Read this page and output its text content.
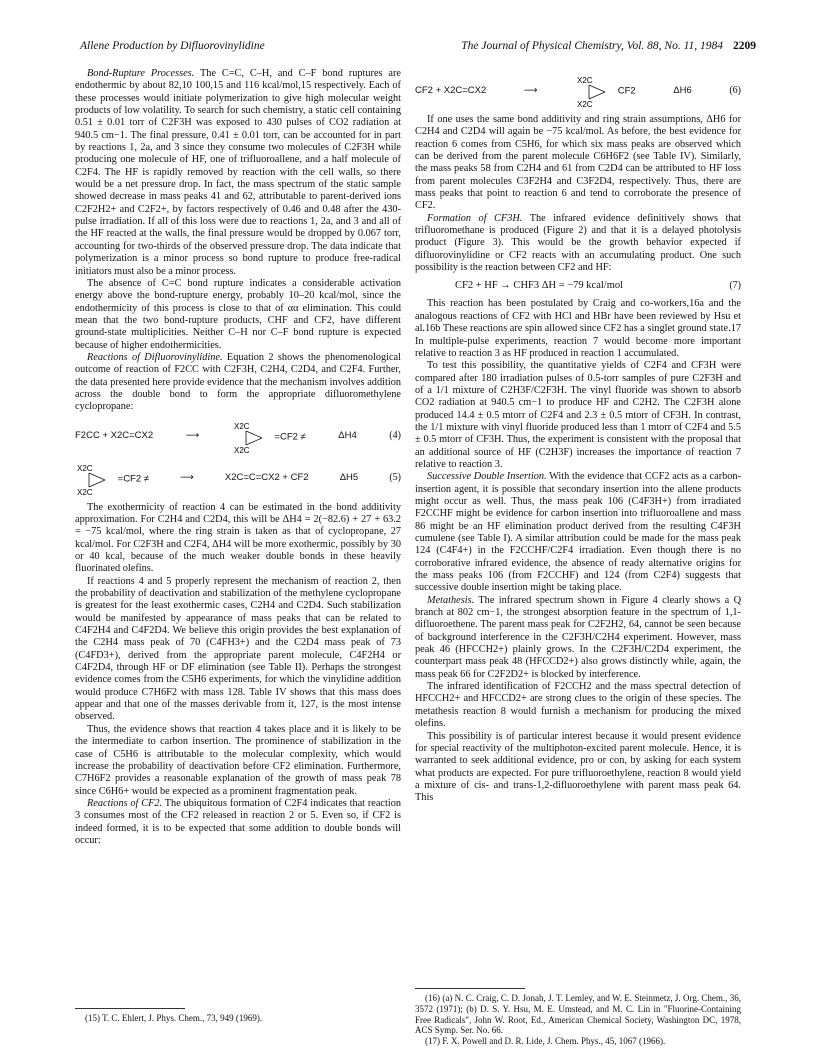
Allene Production by Difluorovinylidine	The Journal of Physical Chemistry, Vol. 88, No. 11, 1984 2209

Bond-Rupture Processes. The C=C, C–H, and C–F bond ruptures are endothermic by about 82,10 100,15 and 116 kcal/mol,15 respectively. Each of these processes would initiate polymerization to give high molecular weight products of low volatility. To search for such chemistry, a static cell containing 0.51 ± 0.01 torr of C2F3H was exposed to 430 pulses of CO2 radiation at 940.5 cm−1. The final pressure, 0.41 ± 0.01 torr, can be accounted for in part by reactions 1, 2a, and 3 since they consume two molecules of C2F3H while producing one molecule of HF, one of trifluoroallene, and a half molecule of C2F4. The HF is rapidly removed by reaction with the cell walls, so there would be a net pressure drop. In fact, the mass spectrum of the static sample showed decrease in mass peaks 41 and 62, attributable to parent-derived ions C2F2H2+ and C2F2+, by factors respectively of 0.46 and 0.48 after the 430-pulse irradiation. If all of this loss were due to reactions 1, 2a, and 3 and all of the HF reacted at the walls, the final pressure would be dropped by 0.067 torr, accounting for two-thirds of the observed pressure drop. The data indicate that polymerization is a minor process so bond rupture to produce free-radical initiators must also be a minor process.

The absence of C=C bond rupture indicates a considerable activation energy above the bond-rupture energy, probably 10–20 kcal/mol, since the endothermicity of this process is close to that of αα elimination. This could mean that the two bond-rupture products, CHF and CF2, have different ground-state multiplicities. Neither C–H nor C–F bond rupture is expected because of higher endothermicities.

Reactions of Difluorovinylidine. Equation 2 shows the phenomenological outcome of reaction of F2CC with C2F3H, C2H4, C2D4, and C2F4. Further, the data presented here provide evidence that the mechanism involves addition across the double bond to form the appropriate difluoromethylene cyclopropane:

F2CC + X2C=CX2	⟶
X2C
X2C
=CF2 ≠	ΔH4	(4)
X2C
X2C
=CF2 ≠	⟶	X2C=C=CX2 + CF2	ΔH5	(5)

The exothermicity of reaction 4 can be estimated in the bond additivity approximation. For C2H4 and C2D4, this will be ΔH4 = 2(−82.6) + 27 + 63.2 = −75 kcal/mol, where the ring strain is taken as that of cyclopropane, 27 kcal/mol. For C2F3H and C2F4, ΔH4 will be more exothermic, possibly by 30 or 40 kcal, because of the much weaker double bonds in these heavily fluorinated olefins.

If reactions 4 and 5 properly represent the mechanism of reaction 2, then the probability of deactivation and stabilization of the methylene cyclopropane is greatest for the least exothermic cases, C2H4 and C2D4. Such stabilization would be manifested by appearance of mass peaks that can be related to C4F2H4 and C4F2D4. We believe this origin provides the best explanation of the C2H4 mass peak of 70 (C4FH3+) and the C2D4 mass peak of 73 (C4FD3+), derived from the appropriate parent molecule, C4F2H4 or C4F2D4, through HF or DF elimination (see Table II). Perhaps the strongest evidence comes from the C5H6 experiments, for which the vinylidine addition would produce C7H6F2 with mass 128. Table IV shows that this mass does appear and that one of the masses derivable from it, 127, is the most intense observed.

Thus, the evidence shows that reaction 4 takes place and it is likely to be the intermediate to carbon insertion. The prominence of stabilization in the case of C5H6 is attributable to the molecular complexity, which would increase the probability of deactivation before CF2 elimination. Furthermore, C7H6F2 provides a reasonable explanation of the growth of mass peak 78 since C6H6+ would be expected as a prominent fragmentation peak.

Reactions of CF2. The ubiquitous formation of C2F4 indicates that reaction 3 consumes most of the CF2 released in reaction 2 or 5. Even so, if CF2 is indeed formed, it is to be expected that some addition to double bonds will occur:

(15) T. C. Ehlert, J. Phys. Chem., 73, 949 (1969).

CF2 + X2C=CX2	⟶
X2C
X2C
CF2	ΔH6	(6)

If one uses the same bond additivity and ring strain assumptions, ΔH6 for C2H4 and C2D4 will again be −75 kcal/mol. As before, the best evidence for reaction 6 comes from C5H6, for which six mass peaks are observed which can be derived from the parent molecule C6H6F2 (see Table IV). Similarly, the mass peaks 58 from C2H4 and 61 from C2D4 can be attributed to HF loss from parent molecules C3F2H4 and C3F2D4, respectively. Thus, there are mass peaks that point to reaction 6 and tend to corroborate the presence of CF2.

Formation of CF3H. The infrared evidence definitively shows that trifluoromethane is produced (Figure 2) and that it is a delayed photolysis product (Figure 3). This would be the growth behavior expected if difluorovinylidine or CF2 reacts with an accumulating product. One such possibility is the reaction between CF2 and HF:

CF2 + HF → CHF3 ΔH = −79 kcal/mol	(7)

This reaction has been postulated by Craig and co-workers,16a and the analogous reactions of CF2 with HCl and HBr have been reviewed by Hsu et al.16b These reactions are spin allowed since CF2 has a singlet ground state.17 In multiple-pulse experiments, reaction 7 would become more important relative to reaction 3 as HF produced in reaction 1 accumulated.

To test this possibility, the quantitative yields of C2F4 and CF3H were compared after 180 irradiation pulses of 0.5-torr samples of pure C2F3H and of a 1/1 mixture of C2H3F/C2F3H. The vinyl fluoride was shown to absorb CO2 radiation at 940.5 cm−1 to produce HF and C2H2. The C2F3H alone produced 14.4 ± 0.5 mtorr of C2F4 and 2.3 ± 0.5 mtorr of CF3H. In contrast, the 1/1 mixture with vinyl fluoride produced less than 1 mtorr of C2F4 and 5.5 ± 0.5 mtorr of CF3H. Thus, the experiment is consistent with the proposal that an additional source of HF (C2H3F) increases the importance of reaction 7 relative to reaction 3.

Successive Double Insertion. With the evidence that CCF2 acts as a carbon-insertion agent, it is possible that secondary insertion into the allene products might occur as well. Thus, the mass peak 106 (C4F3H+) from irradiated F2CCHF might be evidence for carbon insertion into trifluoroallene and mass 86 might be an HF elimination product derived from the resulting C4F3H cumulene (see Table I). A similar attribution could be made for the mass peak 124 (C4F4+) in the F2CCHF/C2F4 irradiation. Even though there is no corroborative infrared evidence, the absence of ready alternative origins for the mass peaks 106 (from F2CCHF) and 124 (from C2F4) suggests that successive double insertion might be taking place.

Metathesis. The infrared spectrum shown in Figure 4 clearly shows a Q branch at 802 cm−1, the strongest absorption feature in the spectrum of 1,1-difluoroethene. The parent mass peak for C2F2H2, 64, cannot be seen because of background interference in the C2F3H/C2H4 experiment. However, mass peak 46 (HFCCH2+) plainly grows. In the C2F3H/C2D4 experiment, the counterpart mass peak 48 (HFCCD2+) also grows distinctly while, again, the mass peak 66 for C2F2D2+ is blocked by interference.

The infrared identification of F2CCH2 and the mass spectral detection of HFCCH2+ and HFCCD2+ are strong clues to the origin of these species. The metathesis reaction 8 would furnish a mechanism for producing the mixed olefins.

This possibility is of particular interest because it would present evidence for special reactivity of the multiphoton-excited parent molecule. Hence, it is warranted to seek additional evidence, pro or con, by asking for each system what products are expected. For pure trifluoroethylene, reaction 8 would yield a mixture of cis- and trans-1,2-difluoroethylene with parent mass peak 64. This

(16) (a) N. C. Craig, C. D. Jonah, J. T. Lemley, and W. E. Steinmetz, J. Org. Chem., 36, 3572 (1971); (b) D. S. Y. Hsu, M. E. Umstead, and M. C. Lin in "Fluorine-Containing Free Radicals", John W. Root, Ed., American Chemical Society, Washington DC, 1978, ACS Symp. Ser. No. 66.

(17) F. X. Powell and D. R. Lide, J. Chem. Phys., 45, 1067 (1966).
